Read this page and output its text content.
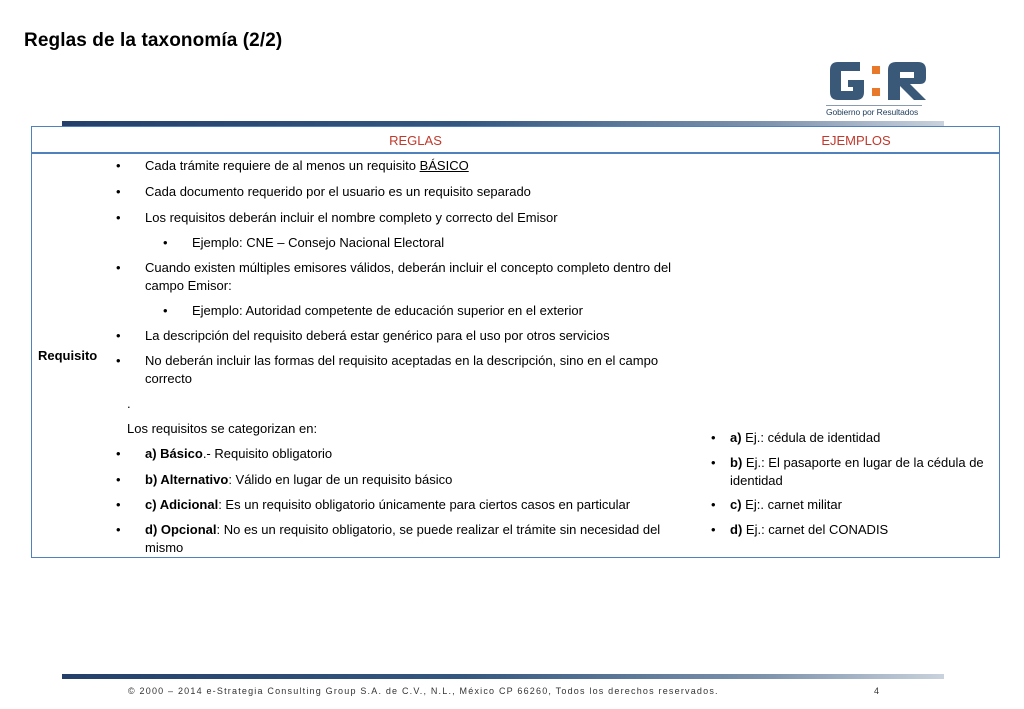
Reglas de la taxonomía (2/2)
Gobierno por Resultados
REGLAS	EJEMPLOS
Requisito
• Cada trámite requiere de al menos un requisito BÁSICO
• Cada documento requerido por el usuario es un requisito separado
• Los requisitos deberán incluir el nombre completo y correcto del Emisor
• Ejemplo: CNE – Consejo Nacional Electoral
• Cuando existen múltiples emisores válidos, deberán incluir el concepto completo dentro del
campo Emisor:
• Ejemplo: Autoridad competente de educación superior en el exterior
• La descripción del requisito deberá estar genérico para el uso por otros servicios
• No deberán incluir las formas del requisito aceptadas en la descripción, sino en el campo
correcto
.
Los requisitos se categorizan en:
• a) Básico.- Requisito obligatorio
• b) Alternativo: Válido en lugar de un requisito básico
• c) Adicional: Es un requisito obligatorio únicamente para ciertos casos en particular
• d) Opcional: No es un requisito obligatorio, se puede realizar el trámite sin necesidad del
mismo
• a) Ej.: cédula de identidad
• b) Ej.: El pasaporte en lugar de la cédula de
identidad
• c) Ej:. carnet militar
• d) Ej.: carnet del CONADIS
© 2000 – 2014 e-Strategia Consulting Group S.A. de C.V., N.L., México CP 66260, Todos los derechos reservados.	4
